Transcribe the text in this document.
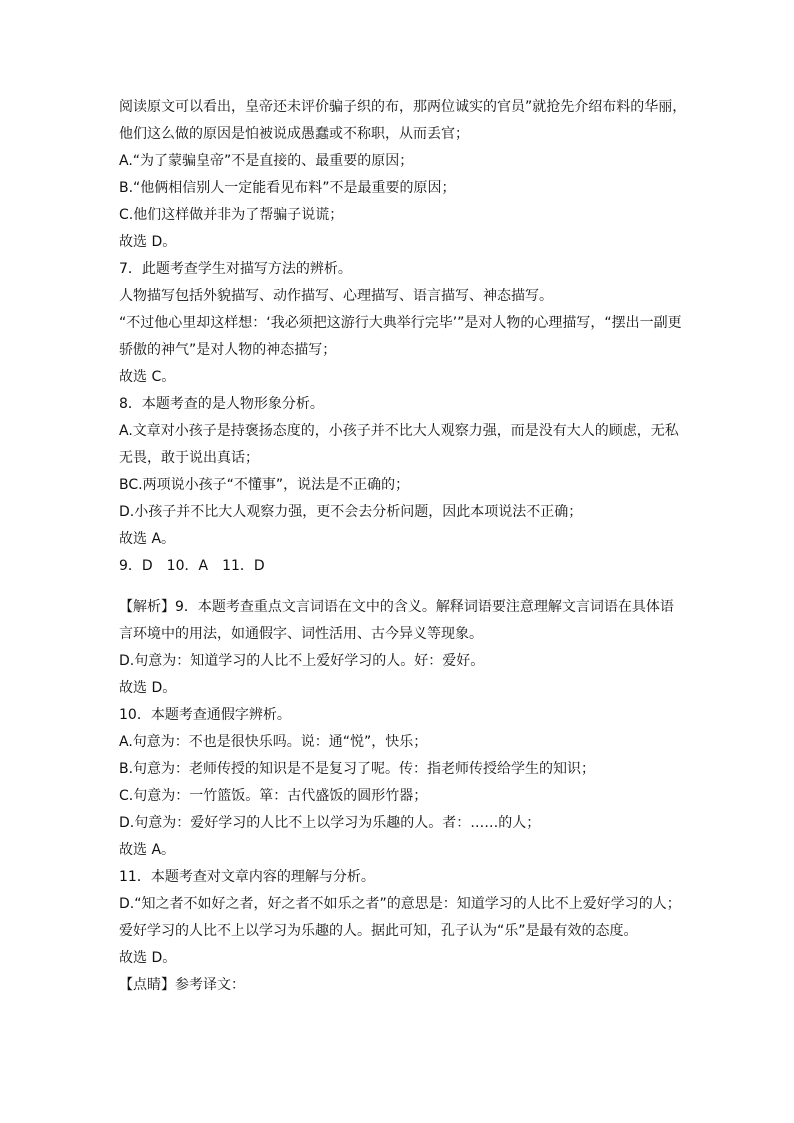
阅读原文可以看出，皇帝还未评价骗子织的布，那两位诚实的官员”就抢先介绍布料的华丽，
他们这么做的原因是怕被说成愚蠢或不称职，从而丢官；
A.“为了蒙骗皇帝”不是直接的、最重要的原因；
B.“他俩相信别人一定能看见布料”不是最重要的原因；
C.他们这样做并非为了帮骗子说谎；
故选 D。
7．此题考查学生对描写方法的辨析。
人物描写包括外貌描写、动作描写、心理描写、语言描写、神态描写。
“不过他心里却这样想：‘我必须把这游行大典举行完毕’”是对人物的心理描写，“摆出一副更
骄傲的神气”是对人物的神态描写；
故选 C。
8．本题考查的是人物形象分析。
A.文章对小孩子是持褒扬态度的，小孩子并不比大人观察力强，而是没有大人的顾虑，无私
无畏，敢于说出真话；
BC.两项说小孩子“不懂事”，说法是不正确的；
D.小孩子并不比大人观察力强，更不会去分析问题，因此本项说法不正确；
故选 A。
9．D　10．A　11．D
【解析】9．本题考查重点文言词语在文中的含义。解释词语要注意理解文言词语在具体语
言环境中的用法，如通假字、词性活用、古今异义等现象。
D.句意为：知道学习的人比不上爱好学习的人。好：爱好。
故选 D。
10．本题考查通假字辨析。
A.句意为：不也是很快乐吗。说：通“悦”，快乐；
B.句意为：老师传授的知识是不是复习了呢。传：指老师传授给学生的知识；
C.句意为：一竹篮饭。箪：古代盛饭的圆形竹器；
D.句意为：爱好学习的人比不上以学习为乐趣的人。者：……的人；
故选 A。
11．本题考查对文章内容的理解与分析。
D.“知之者不如好之者，好之者不如乐之者”的意思是：知道学习的人比不上爱好学习的人；
爱好学习的人比不上以学习为乐趣的人。据此可知，孔子认为“乐”是最有效的态度。
故选 D。
【点睛】参考译文：
